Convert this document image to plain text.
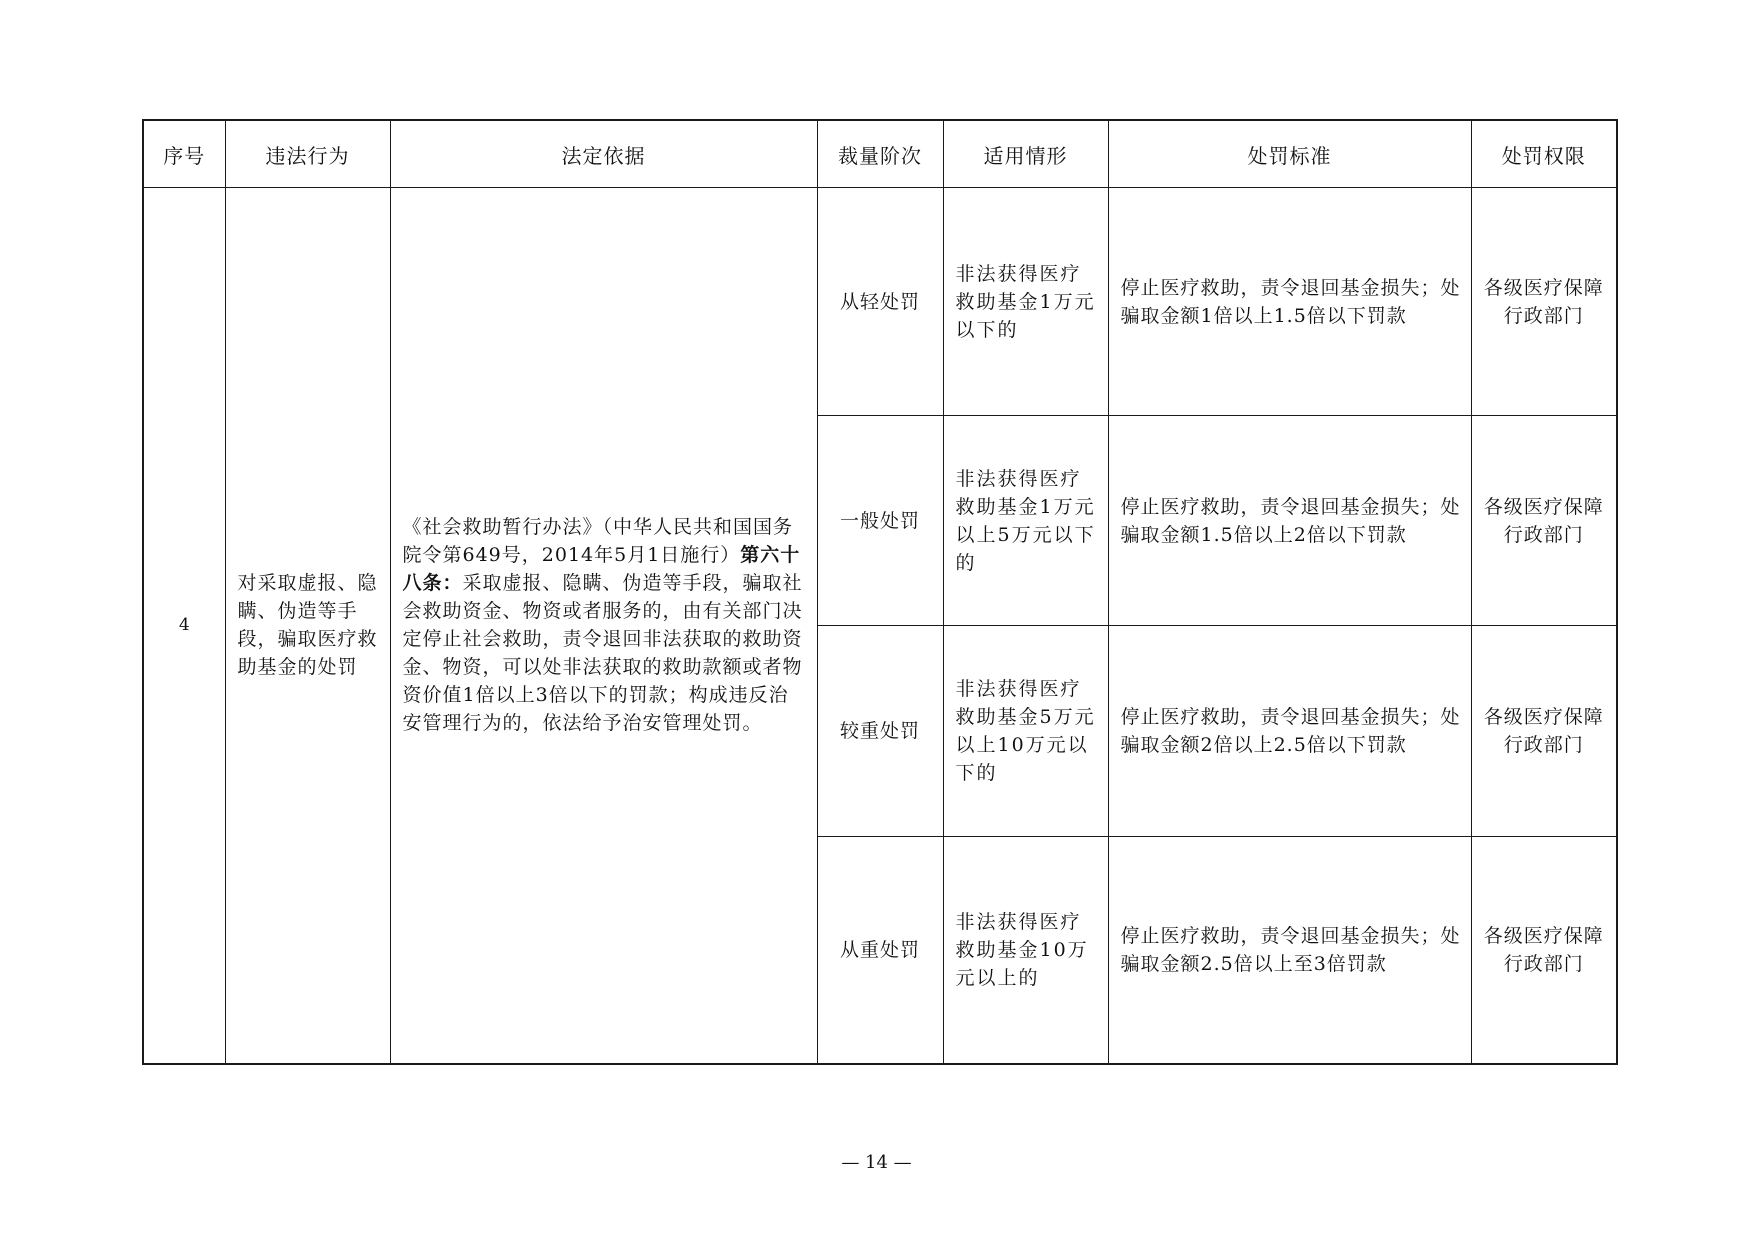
序号	违法行为	法定依据	裁量阶次	适用情形	处罚标准	处罚权限
4	对采取虚报、隐瞒、伪造等手段，骗取医疗救助基金的处罚	《社会救助暂行办法》（中华人民共和国国务院令第649号，2014年5月1日施行）第六十八条：采取虚报、隐瞒、伪造等手段，骗取社会救助资金、物资或者服务的，由有关部门决定停止社会救助，责令退回非法获取的救助资金、物资，可以处非法获取的救助款额或者物资价值1倍以上3倍以下的罚款；构成违反治安管理行为的，依法给予治安管理处罚。	从轻处罚	非法获得医疗救助基金1万元以下的	停止医疗救助，责令退回基金损失；处骗取金额1倍以上1.5倍以下罚款	各级医疗保障行政部门
			一般处罚	非法获得医疗救助基金1万元以上5万元以下的	停止医疗救助，责令退回基金损失；处骗取金额1.5倍以上2倍以下罚款	各级医疗保障行政部门
			较重处罚	非法获得医疗救助基金5万元以上10万元以下的	停止医疗救助，责令退回基金损失；处骗取金额2倍以上2.5倍以下罚款	各级医疗保障行政部门
			从重处罚	非法获得医疗救助基金10万元以上的	停止医疗救助，责令退回基金损失；处骗取金额2.5倍以上至3倍罚款	各级医疗保障行政部门
— 14 —
